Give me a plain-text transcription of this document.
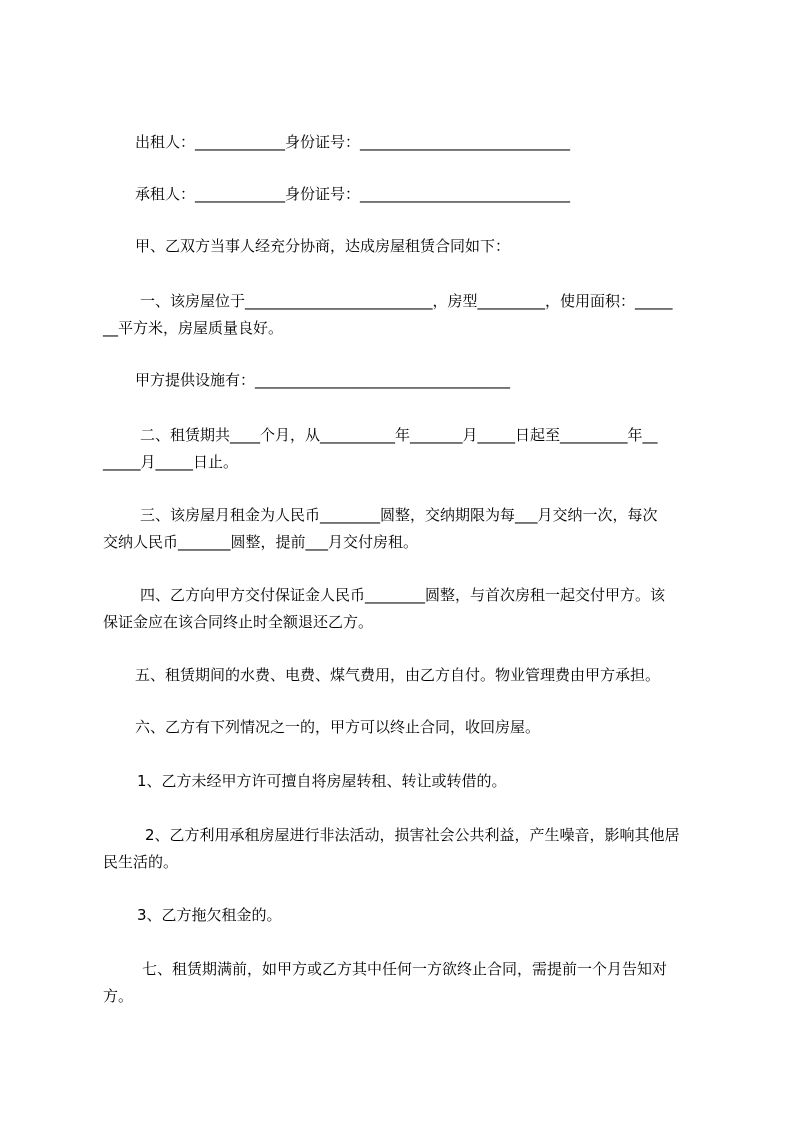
出租人：____________身份证号：____________________________

承租人：____________身份证号：____________________________

甲、乙双方当事人经充分协商，达成房屋租赁合同如下：

一、该房屋位于_________________________，房型_________，使用面积：_____

__平方米，房屋质量良好。

甲方提供设施有：__________________________________

二、租赁期共____个月，从__________年_______月_____日起至_________年__

_____月_____日止。

三、该房屋月租金为人民币________圆整，交纳期限为每___月交纳一次，每次

交纳人民币_______圆整，提前___月交付房租。

四、乙方向甲方交付保证金人民币________圆整，与首次房租一起交付甲方。该

保证金应在该合同终止时全额退还乙方。

五、租赁期间的水费、电费、煤气费用，由乙方自付。物业管理费由甲方承担。

六、乙方有下列情况之一的，甲方可以终止合同，收回房屋。

1、乙方未经甲方许可擅自将房屋转租、转让或转借的。

2、乙方利用承租房屋进行非法活动，损害社会公共利益，产生噪音，影响其他居

民生活的。

3、乙方拖欠租金的。

七、租赁期满前，如甲方或乙方其中任何一方欲终止合同，需提前一个月告知对

方。
